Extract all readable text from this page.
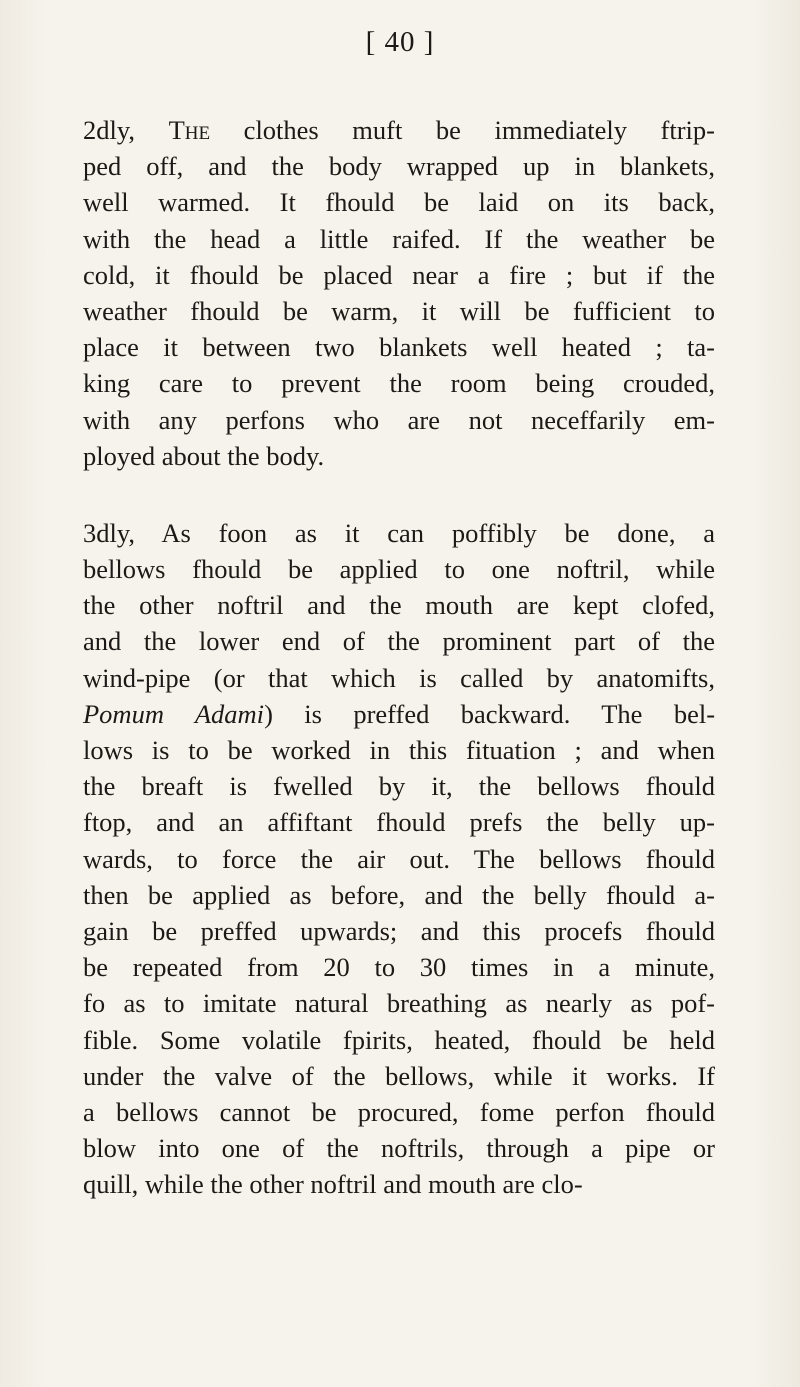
[ 40 ]
2dly, The clothes muft be immediately ftrip-
ped off, and the body wrapped up in blankets,
well warmed. It fhould be laid on its back,
with the head a little raifed. If the weather be
cold, it fhould be placed near a fire ; but if the
weather fhould be warm, it will be fufficient to
place it between two blankets well heated ; ta-
king care to prevent the room being crouded,
with any perfons who are not neceffarily em-
ployed about the body.
3dly, As foon as it can poffibly be done, a
bellows fhould be applied to one noftril, while
the other noftril and the mouth are kept clofed,
and the lower end of the prominent part of the
wind-pipe (or that which is called by anatomifts,
Pomum Adami) is preffed backward. The bel-
lows is to be worked in this fituation ; and when
the breaft is fwelled by it, the bellows fhould
ftop, and an affiftant fhould prefs the belly up-
wards, to force the air out. The bellows fhould
then be applied as before, and the belly fhould a-
gain be preffed upwards; and this procefs fhould
be repeated from 20 to 30 times in a minute,
fo as to imitate natural breathing as nearly as pof-
fible. Some volatile fpirits, heated, fhould be held
under the valve of the bellows, while it works. If
a bellows cannot be procured, fome perfon fhould
blow into one of the noftrils, through a pipe or
quill, while the other noftril and mouth are clo-
